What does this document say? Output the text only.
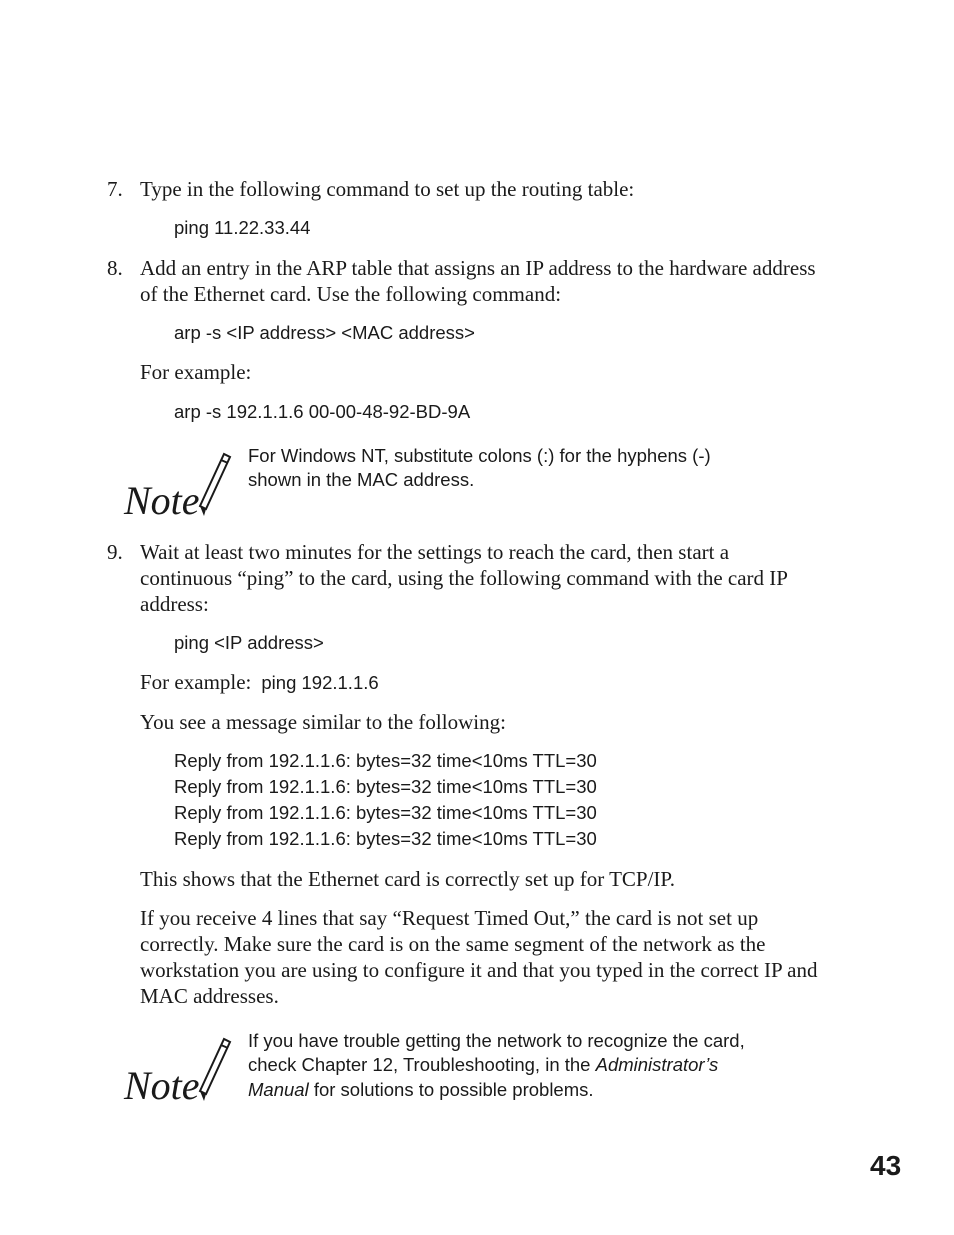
7. Type in the following command to set up the routing table:
ping 11.22.33.44
8. Add an entry in the ARP table that assigns an IP address to the hardware address
of the Ethernet card. Use the following command:
arp -s <IP address> <MAC address>
For example:
arp -s 192.1.1.6 00-00-48-92-BD-9A
Note
For Windows NT, substitute colons (:) for the hyphens (-)
shown in the MAC address.
9. Wait at least two minutes for the settings to reach the card, then start a
continuous “ping” to the card, using the following command with the card IP
address:
ping <IP address>
For example: ping 192.1.1.6
You see a message similar to the following:
Reply from 192.1.1.6: bytes=32 time<10ms TTL=30
Reply from 192.1.1.6: bytes=32 time<10ms TTL=30
Reply from 192.1.1.6: bytes=32 time<10ms TTL=30
Reply from 192.1.1.6: bytes=32 time<10ms TTL=30
This shows that the Ethernet card is correctly set up for TCP/IP.
If you receive 4 lines that say “Request Timed Out,” the card is not set up
correctly. Make sure the card is on the same segment of the network as the
workstation you are using to configure it and that you typed in the correct IP and
MAC addresses.
Note
If you have trouble getting the network to recognize the card,
check Chapter 12, Troubleshooting, in the Administrator’s
Manual for solutions to possible problems.
43
